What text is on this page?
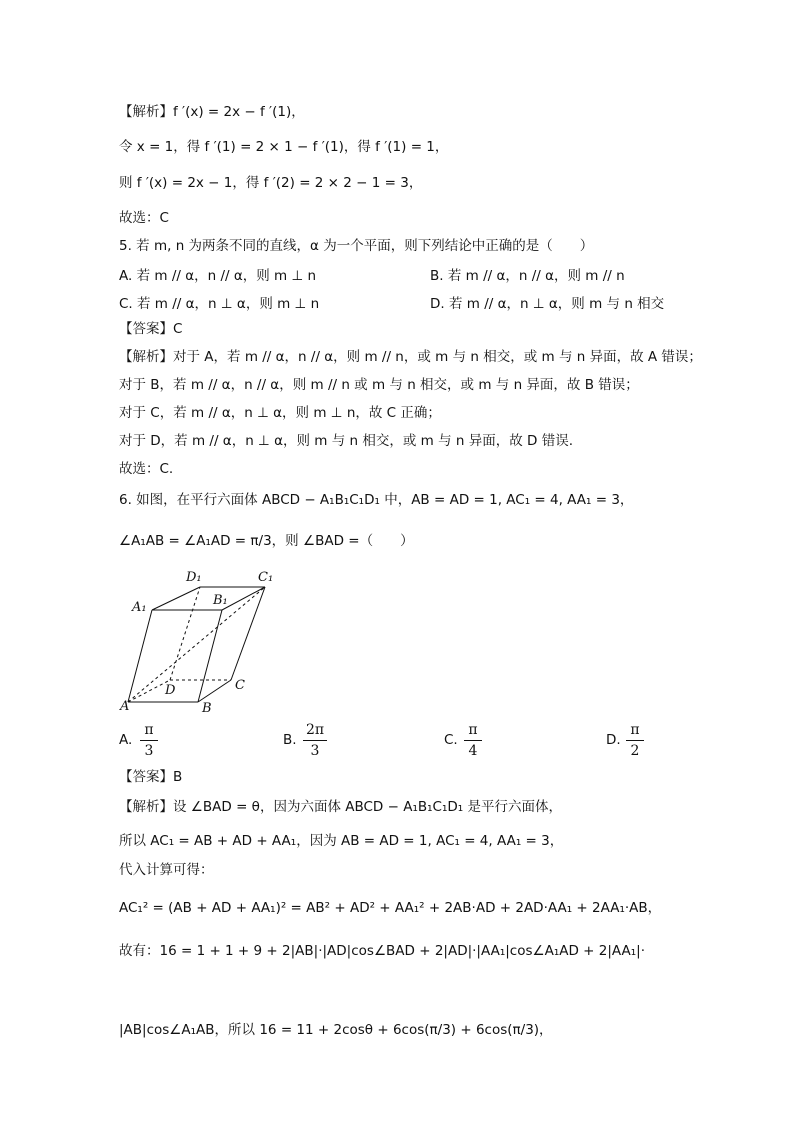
【解析】f ′(x) = 2x − f ′(1)，
令 x = 1，得 f ′(1) = 2 × 1 − f ′(1)，得 f ′(1) = 1，
则 f ′(x) = 2x − 1，得 f ′(2) = 2 × 2 − 1 = 3，
故选：C
5. 若 m, n 为两条不同的直线，α 为一个平面，则下列结论中正确的是（　　）
A. 若 m // α，n // α，则 m ⊥ n	B. 若 m // α，n // α，则 m // n
C. 若 m // α，n ⊥ α，则 m ⊥ n	D. 若 m // α，n ⊥ α，则 m 与 n 相交
【答案】C
【解析】对于 A，若 m // α，n // α，则 m // n，或 m 与 n 相交，或 m 与 n 异面，故 A 错误；
对于 B，若 m // α，n // α，则 m // n 或 m 与 n 相交，或 m 与 n 异面，故 B 错误；
对于 C，若 m // α，n ⊥ α，则 m ⊥ n，故 C 正确；
对于 D，若 m // α，n ⊥ α，则 m 与 n 相交，或 m 与 n 异面，故 D 错误.
故选：C.
6. 如图，在平行六面体 ABCD − A₁B₁C₁D₁ 中，AB = AD = 1, AC₁ = 4, AA₁ = 3，
∠A₁AB = ∠A₁AD = π/3，则 ∠BAD =（　　）
D₁	C₁
A₁	B₁
D	C
A	B
A.
π
3
B.
2π
3
C.
π
4
D.
π
2
【答案】B
【解析】设 ∠BAD = θ，因为六面体 ABCD − A₁B₁C₁D₁ 是平行六面体，
所以 AC₁ = AB + AD + AA₁，因为 AB = AD = 1, AC₁ = 4, AA₁ = 3，
代入计算可得：
AC₁² = (AB + AD + AA₁)² = AB² + AD² + AA₁² + 2AB·AD + 2AD·AA₁ + 2AA₁·AB，
故有：16 = 1 + 1 + 9 + 2|AB|·|AD|cos∠BAD + 2|AD|·|AA₁|cos∠A₁AD + 2|AA₁|·
|AB|cos∠A₁AB，所以 16 = 11 + 2cosθ + 6cos(π/3) + 6cos(π/3)，
